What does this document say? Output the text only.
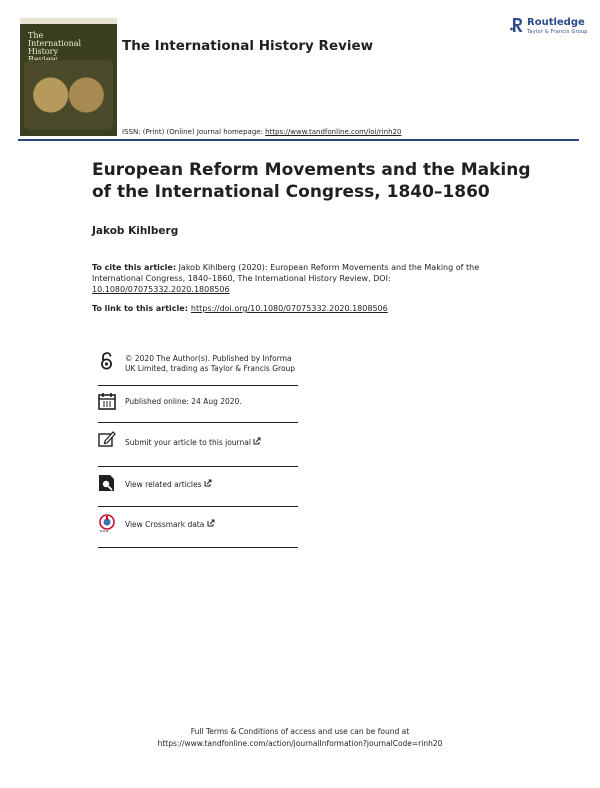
The
International
History	The International History Review
ISSN: (Print) (Online) Journal homepage: https://www.tandfonline.com/loi/rinh20
Routledge
Taylor & Francis Group
European Reform Movements and the Making of the International Congress, 1840–1860
Jakob Kihlberg
To cite this article: Jakob Kihlberg (2020): European Reform Movements and the Making of the International Congress, 1840–1860, The International History Review, DOI: 10.1080/07075332.2020.1808506
To link to this article: https://doi.org/10.1080/07075332.2020.1808506
© 2020 The Author(s). Published by Informa UK Limited, trading as Taylor & Francis Group
Published online: 24 Aug 2020.
Submit your article to this journal
View related articles
View Crossmark data
Full Terms & Conditions of access and use can be found at
https://www.tandfonline.com/action/journalInformation?journalCode=rinh20
